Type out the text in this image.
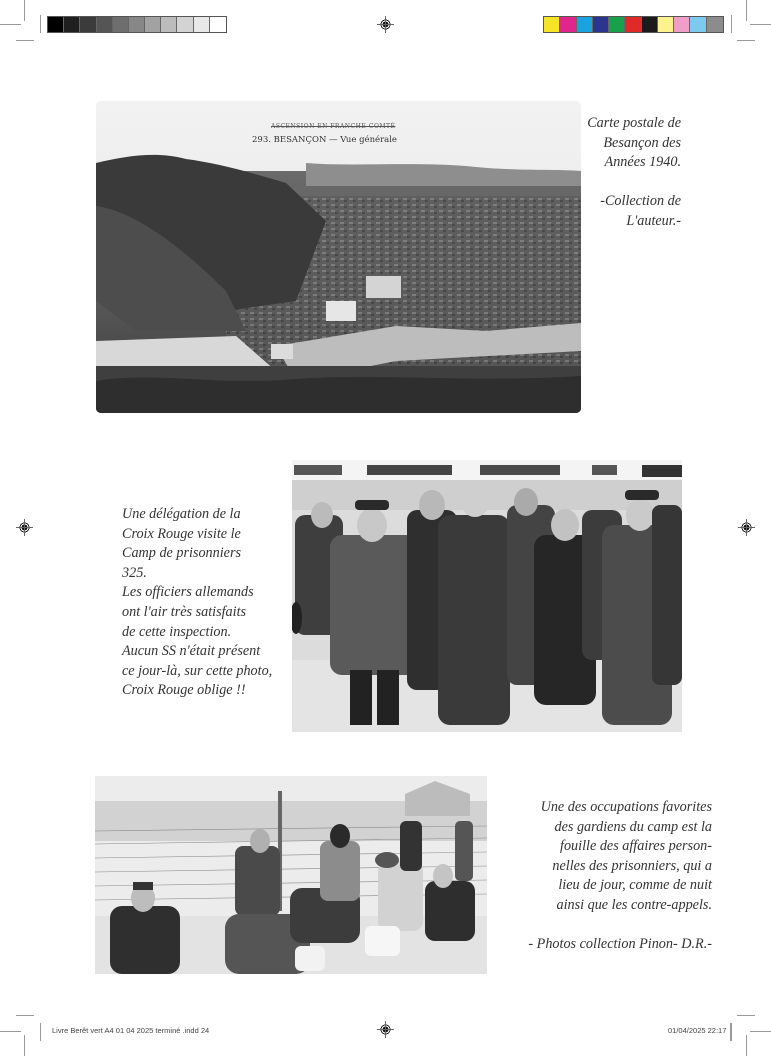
ASCENSION EN FRANCHE-COMTÉ
293. BESANÇON — Vue générale
Carte postale de
Besançon des
Années 1940.

-Collection de
L'auteur.-
Une délégation de la
Croix Rouge visite le
Camp de prisonniers
325.
Les officiers allemands
ont l'air très satisfaits
de cette inspection.
Aucun SS n'était présent
ce jour-là, sur cette photo,
Croix Rouge oblige !!
Une des occupations favorites
des gardiens du camp est la
fouille des affaires person-
nelles des prisonniers, qui a
lieu de jour, comme de nuit
ainsi que les contre-appels.

- Photos collection Pinon- D.R.-
Livre Berêt vert A4 01 04 2025 terminé .indd 24	01/04/2025 22:17
